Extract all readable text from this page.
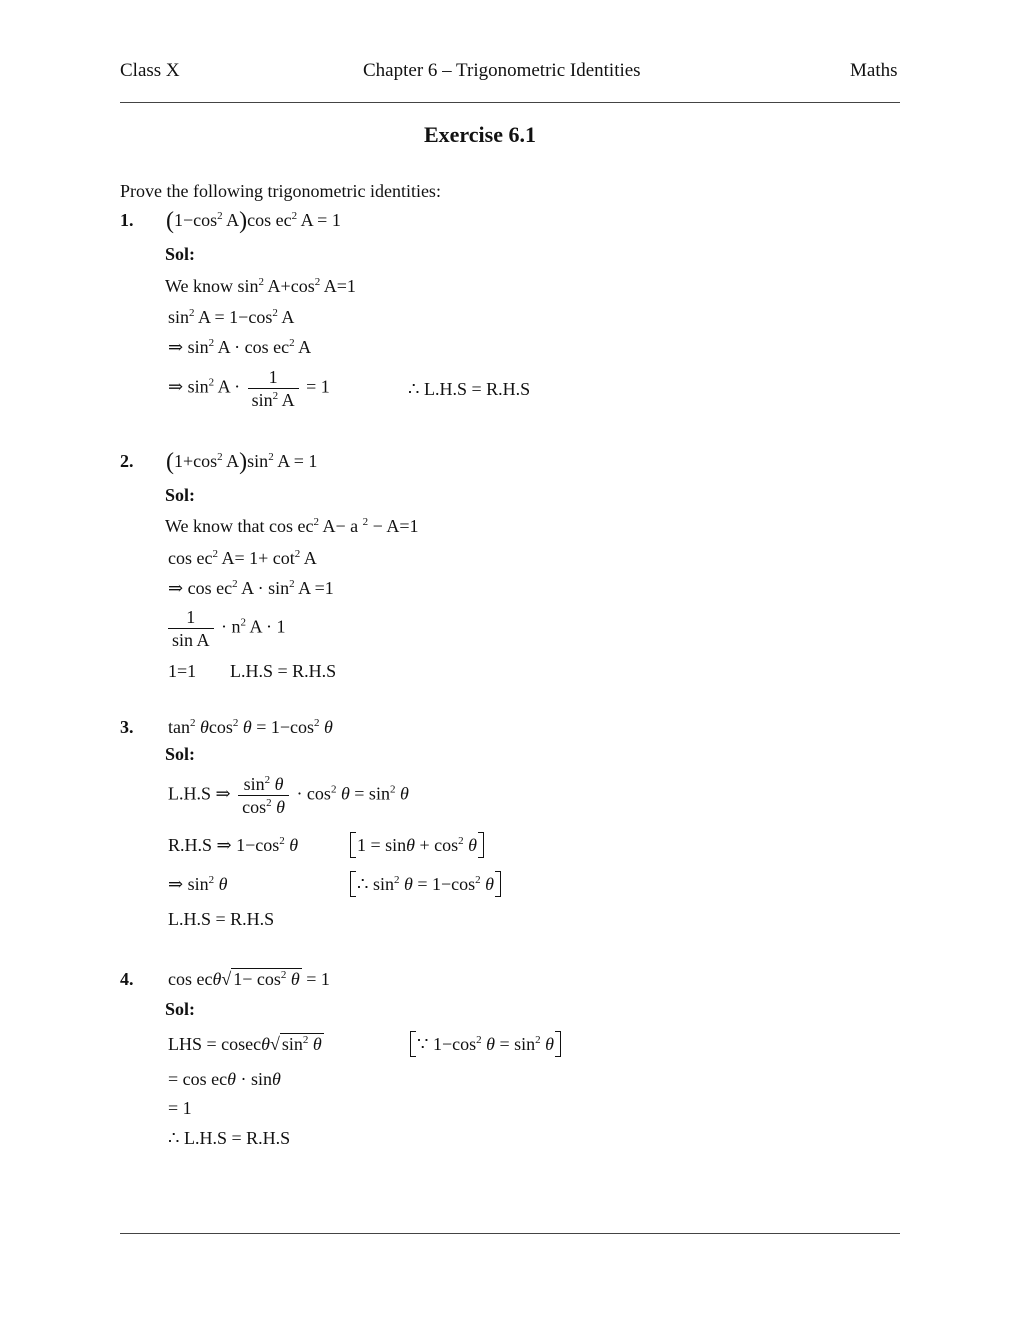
Class X	Chapter 6 – Trigonometric Identities	Maths
Exercise 6.1
Prove the following trigonometric identities:
1. ($1-\cos^2$ A)cos $ec^2$ A = 1
Sol:
We know $\sin^2 A+\cos^2$ A=1
$\sin^2 A = 1-\cos^2$ A
⇒ $\sin^2 A \cdot \cos ec^2$ A
⇒ $\sin^2 A \cdot \frac{1}{\sin^2 A} = 1$	∴ L.H.S = R.H.S
2. ($1+\cos^2$ $A)\sin^2$ A = 1
Sol:
We know that $\cos ec^2$ A− a $^2$ − A=1
$\cos ec^2$ $A= 1+ \cot^2 A$
⇒ $\cos ec^2$ $A \cdot \sin^2 A =1$
$\frac{1}{\text{sin A}} \cdot n^2$ A · 1
1=1 L.H.S = R.H.S
3. $\tan^2 \theta\cos^2$ $\theta = 1-\cos^2$ θ
Sol:
L.H.S ⇒ $\frac{\sin^2 \theta}{\cos^2 \theta} \cdot \cos^2 \theta = \sin^2 \theta$
R.H.S ⇒ $1-\cos^2$ θ	$1 = \sin\theta + \cos^2 \theta$
⇒ $\sin^2 \theta$	∴ $\sin^2 \theta = 1-\cos^2$ θ
L.H.S = R.H.S
4. cos ecθ√ $1- \cos^2 \theta = 1$
Sol:
LHS = cosecθ√ $\sin^2 \theta$	∵ $1-\cos^2$ $\theta = \sin^2 \theta$
= cos ecθ · sinθ
= 1
∴ L.H.S = R.H.S
